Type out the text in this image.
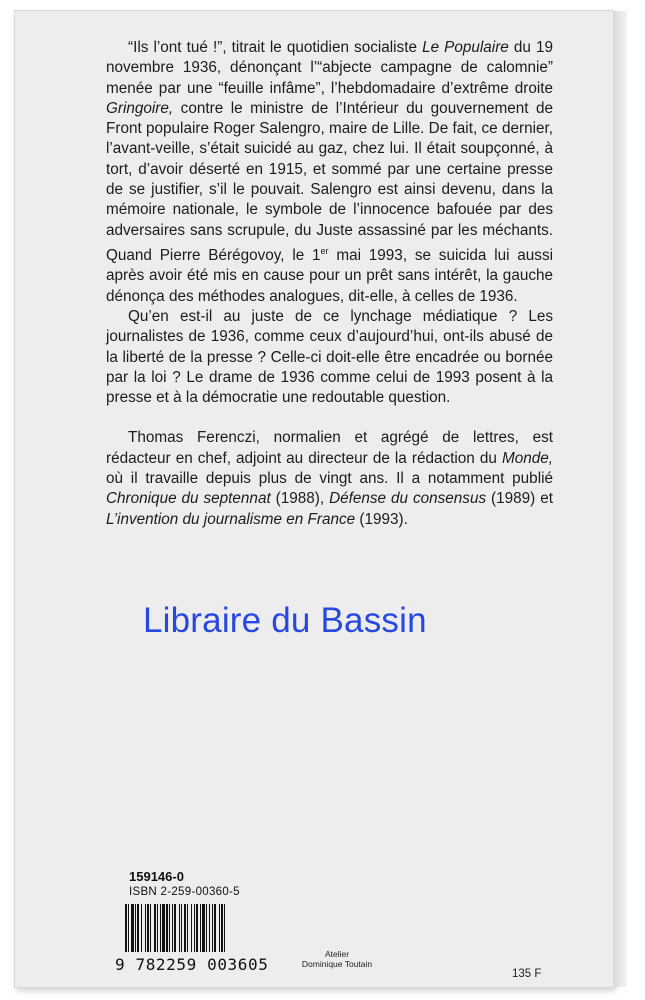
“Ils l’ont tué !”, titrait le quotidien socialiste Le Populaire du 19 novembre 1936, dénonçant l’“abjecte campagne de calomnie” menée par une “feuille infâme”, l’hebdomadaire d’extrême droite Gringoire, contre le ministre de l’Intérieur du gouvernement de Front populaire Roger Salengro, maire de Lille. De fait, ce dernier, l’avant-veille, s’était suicidé au gaz, chez lui. Il était soupçonné, à tort, d’avoir déserté en 1915, et sommé par une certaine presse de se justifier, s’il le pouvait. Salengro est ainsi devenu, dans la mémoire nationale, le symbole de l’innocence bafouée par des adversaires sans scrupule, du Juste assassiné par les méchants. Quand Pierre Bérégovoy, le 1er mai 1993, se suicida lui aussi après avoir été mis en cause pour un prêt sans intérêt, la gauche dénonça des méthodes analogues, dit-elle, à celles de 1936.

Qu’en est-il au juste de ce lynchage médiatique ? Les journalistes de 1936, comme ceux d’aujourd’hui, ont-ils abusé de la liberté de la presse ? Celle-ci doit-elle être encadrée ou bornée par la loi ? Le drame de 1936 comme celui de 1993 posent à la presse et à la démocratie une redoutable question.

Thomas Ferenczi, normalien et agrégé de lettres, est rédacteur en chef, adjoint au directeur de la rédaction du Monde, où il travaille depuis plus de vingt ans. Il a notamment publié Chronique du septennat (1988), Défense du consensus (1989) et L’invention du journalisme en France (1993).

Libraire du Bassin
159146-0
ISBN 2-259-00360-5
9 782259 003605
Atelier
Dominique Toutain
135 F
